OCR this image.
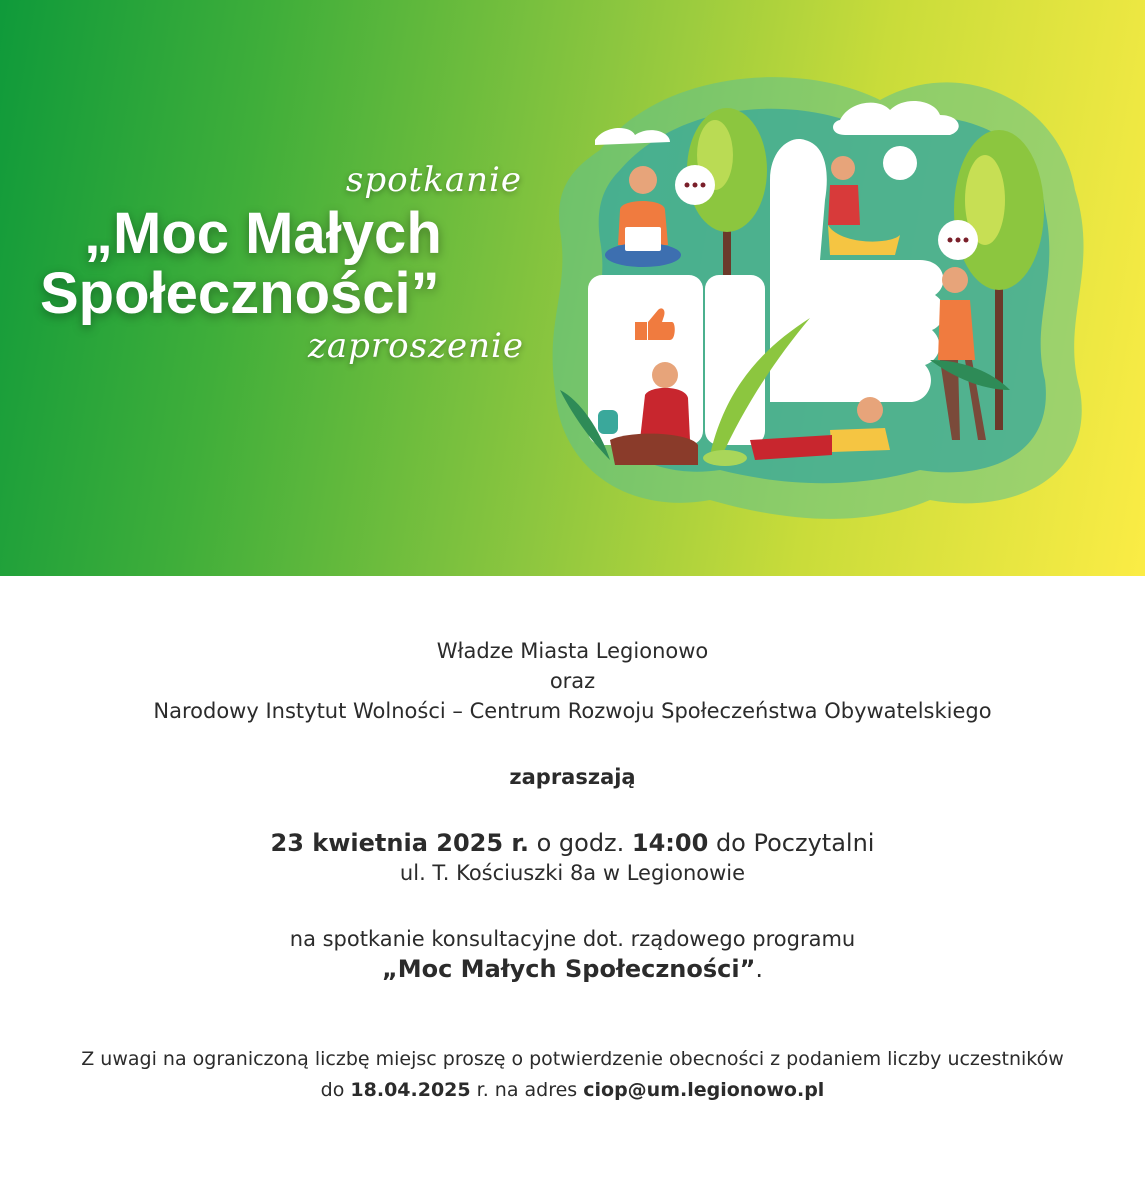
spotkanie
„Moc Małych
Społeczności”
zaproszenie
Władze Miasta Legionowo
oraz
Narodowy Instytut Wolności – Centrum Rozwoju Społeczeństwa Obywatelskiego
zapraszają
23 kwietnia 2025 r. o godz. 14:00 do Poczytalni
ul. T. Kościuszki 8a w Legionowie
na spotkanie konsultacyjne dot. rządowego programu
„Moc Małych Społeczności”.
Z uwagi na ograniczoną liczbę miejsc proszę o potwierdzenie obecności z podaniem liczby uczestników
do 18.04.2025 r. na adres ciop@um.legionowo.pl
